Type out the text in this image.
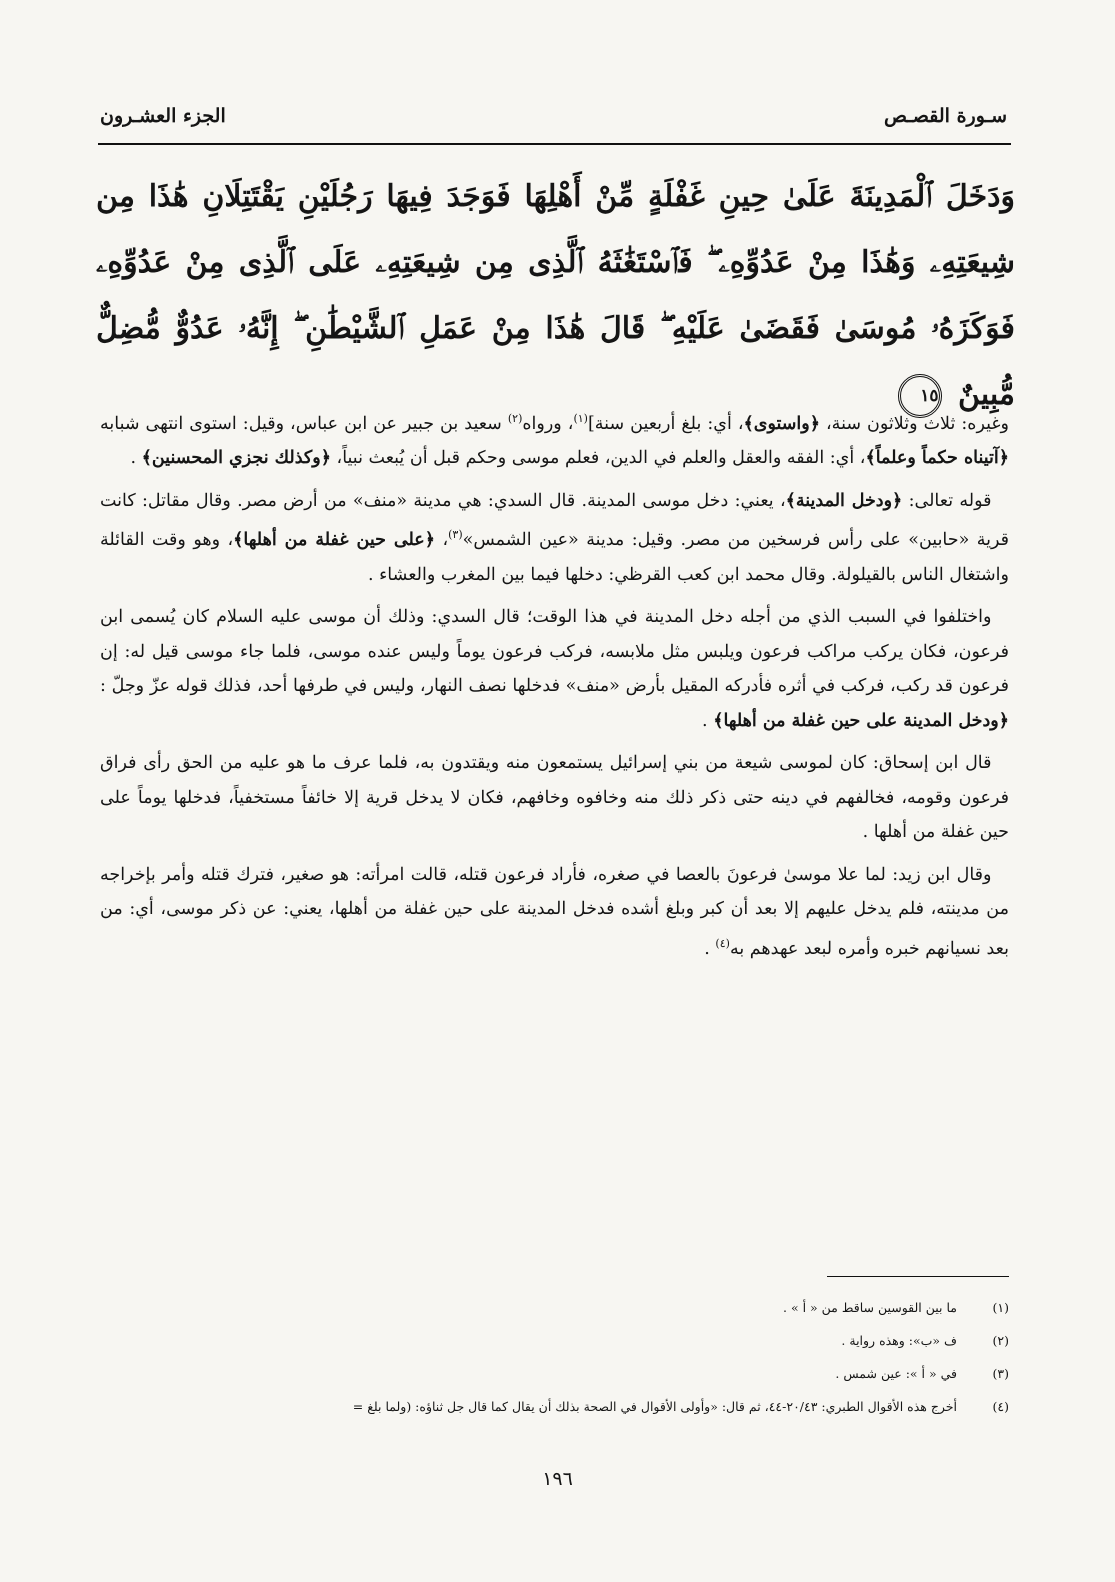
سـورة القصـص
الجزء العشـرون
وَدَخَلَ ٱلْمَدِينَةَ عَلَىٰ حِينِ غَفْلَةٍ مِّنْ أَهْلِهَا فَوَجَدَ فِيهَا رَجُلَيْنِ يَقْتَتِلَانِ هَٰذَا مِن شِيعَتِهِۦ وَهَٰذَا مِنْ عَدُوِّهِۦ ۖ فَٱسْتَغَٰثَهُ ٱلَّذِى مِن شِيعَتِهِۦ عَلَى ٱلَّذِى مِنْ عَدُوِّهِۦ فَوَكَزَهُۥ مُوسَىٰ فَقَضَىٰ عَلَيْهِ ۖ قَالَ هَٰذَا مِنْ عَمَلِ ٱلشَّيْطَٰنِ ۖ إِنَّهُۥ عَدُوٌّ مُّضِلٌّ مُّبِينٌ ١٥

وغيره: ثلاث وثلاثون سنة، ﴿واستوى﴾، أي: بلغ أربعين سنة]$^{(١)}$، ورواه$^{(٢)}$ سعيد بن جبير عن ابن عباس، وقيل: استوى انتهى شبابه ﴿آتيناه حكماً وعلماً﴾، أي: الفقه والعقل والعلم في الدين، فعلم موسى وحكم قبل أن يُبعث نبياً، ﴿وكذلك نجزي المحسنين﴾ .

 قوله تعالى: ﴿ودخل المدينة﴾، يعني: دخل موسى المدينة. قال السدي: هي مدينة «منف» من أرض مصر. وقال مقاتل: كانت قرية «حابين» على رأس فرسخين من مصر. وقيل: مدينة «عين الشمس»$^{(٣)}$، ﴿على حين غفلة من أهلها﴾، وهو وقت القائلة واشتغال الناس بالقيلولة. وقال محمد ابن كعب القرظي: دخلها فيما بين المغرب والعشاء .

 واختلفوا في السبب الذي من أجله دخل المدينة في هذا الوقت؛ قال السدي: وذلك أن موسى عليه السلام كان يُسمى ابن فرعون، فكان يركب مراكب فرعون ويلبس مثل ملابسه، فركب فرعون يوماً وليس عنده موسى، فلما جاء موسى قيل له: إن فرعون قد ركب، فركب في أثره فأدركه المقيل بأرض «منف» فدخلها نصف النهار، وليس في طرفها أحد، فذلك قوله عزّ وجلّ : ﴿ودخل المدينة على حين غفلة من أهلها﴾ .

 قال ابن إسحاق: كان لموسى شيعة من بني إسرائيل يستمعون منه ويقتدون به، فلما عرف ما هو عليه من الحق رأى فراق فرعون وقومه، فخالفهم في دينه حتى ذكر ذلك منه وخافوه وخافهم، فكان لا يدخل قرية إلا خائفاً مستخفياً، فدخلها يوماً على حين غفلة من أهلها .

 وقال ابن زيد: لما علا موسىٰ فرعونَ بالعصا في صغره، فأراد فرعون قتله، قالت امرأته: هو صغير، فترك قتله وأمر بإخراجه من مدينته، فلم يدخل عليهم إلا بعد أن كبر وبلغ أشده فدخل المدينة على حين غفلة من أهلها، يعني: عن ذكر موسى، أي: من بعد نسيانهم خبره وأمره لبعد عهدهم به$^{(٤)}$ .

(١)
ما بين القوسين ساقط من « أ » .
(٢)
ف «ب»: وهذه رواية .
(٣)
في « أ »: عين شمس .
(٤)
أخرج هذه الأقوال الطبري: ٢٠/٤٣-٤٤، ثم قال: «وأولى الأقوال في الصحة بذلك أن يقال كما قال جل ثناؤه: (ولما بلغ =
١٩٦
